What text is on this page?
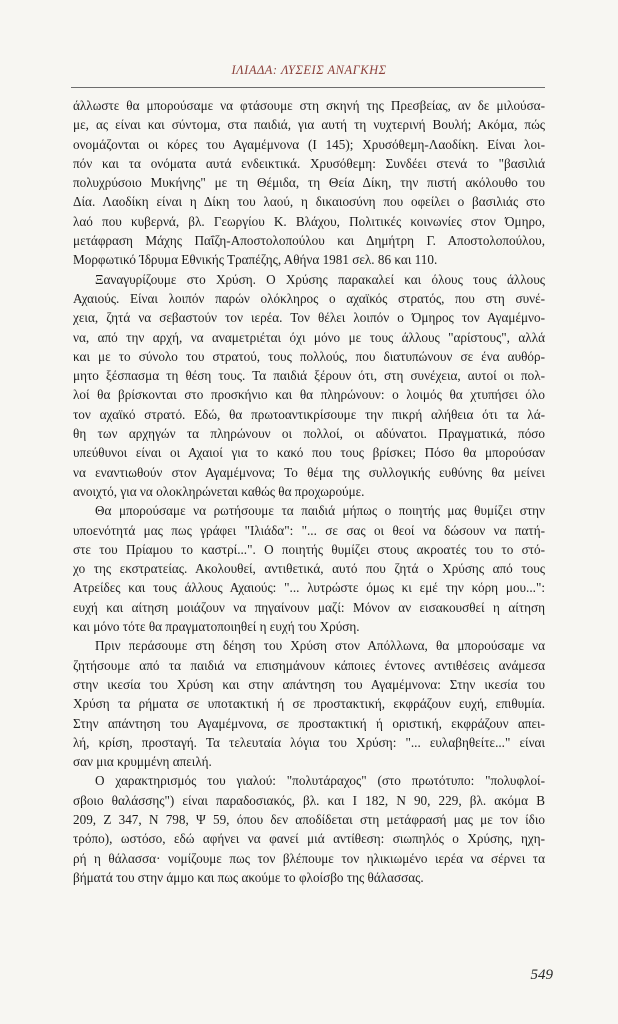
ΙΛΙΑΔΑ: ΛΥΣΕΙΣ ΑΝΑΓΚΗΣ
άλλωστε θα μπορούσαμε να φτάσουμε στη σκηνή της Πρεσβείας, αν δε μιλούσα-
με, ας είναι και σύντομα, στα παιδιά, για αυτή τη νυχτερινή Βουλή; Ακόμα, πώς
ονομάζονται οι κόρες του Αγαμέμνονα (I 145); Χρυσόθεμη-Λαοδίκη. Είναι λοι-
πόν και τα ονόματα αυτά ενδεικτικά. Χρυσόθεμη: Συνδέει στενά το "βασιλιά
πολυχρύσοιο Μυκήνης" με τη Θέμιδα, τη Θεία Δίκη, την πιστή ακόλουθο του
Δία. Λαοδίκη είναι η Δίκη του λαού, η δικαιοσύνη που οφείλει ο βασιλιάς στο
λαό που κυβερνά, βλ. Γεωργίου Κ. Βλάχου, Πολιτικές κοινωνίες στον Όμηρο,
μετάφραση Μάχης Παΐζη-Αποστολοπούλου και Δημήτρη Γ. Αποστολοπούλου,
Μορφωτικό Ίδρυμα Εθνικής Τραπέζης, Αθήνα 1981 σελ. 86 και 110.
Ξαναγυρίζουμε στο Χρύση. Ο Χρύσης παρακαλεί και όλους τους άλλους
Αχαιούς. Είναι λοιπόν παρών ολόκληρος ο αχαϊκός στρατός, που στη συνέ-
χεια, ζητά να σεβαστούν τον ιερέα. Τον θέλει λοιπόν ο Όμηρος τον Αγαμέμνο-
να, από την αρχή, να αναμετριέται όχι μόνο με τους άλλους "αρίστους", αλλά
και με το σύνολο του στρατού, τους πολλούς, που διατυπώνουν σε ένα αυθόρ-
μητο ξέσπασμα τη θέση τους. Τα παιδιά ξέρουν ότι, στη συνέχεια, αυτοί οι πολ-
λοί θα βρίσκονται στο προσκήνιο και θα πληρώνουν: ο λοιμός θα χτυπήσει όλο
τον αχαϊκό στρατό. Εδώ, θα πρωτοαντικρίσουμε την πικρή αλήθεια ότι τα λά-
θη των αρχηγών τα πληρώνουν οι πολλοί, οι αδύνατοι. Πραγματικά, πόσο
υπεύθυνοι είναι οι Αχαιοί για το κακό που τους βρίσκει; Πόσο θα μπορούσαν
να εναντιωθούν στον Αγαμέμνονα; Το θέμα της συλλογικής ευθύνης θα μείνει
ανοιχτό, για να ολοκληρώνεται καθώς θα προχωρούμε.
Θα μπορούσαμε να ρωτήσουμε τα παιδιά μήπως ο ποιητής μας θυμίζει στην
υποενότητά μας πως γράφει "Ιλιάδα": "... σε σας οι θεοί να δώσουν να πατή-
στε του Πρίαμου το καστρί...". Ο ποιητής θυμίζει στους ακροατές του το στό-
χο της εκστρατείας. Ακολουθεί, αντιθετικά, αυτό που ζητά ο Χρύσης από τους
Ατρείδες και τους άλλους Αχαιούς: "... λυτρώστε όμως κι εμέ την κόρη μου...":
ευχή και αίτηση μοιάζουν να πηγαίνουν μαζί: Μόνον αν εισακουσθεί η αίτηση
και μόνο τότε θα πραγματοποιηθεί η ευχή του Χρύση.
Πριν περάσουμε στη δέηση του Χρύση στον Απόλλωνα, θα μπορούσαμε να
ζητήσουμε από τα παιδιά να επισημάνουν κάποιες έντονες αντιθέσεις ανάμεσα
στην ικεσία του Χρύση και στην απάντηση του Αγαμέμνονα: Στην ικεσία του
Χρύση τα ρήματα σε υποτακτική ή σε προστακτική, εκφράζουν ευχή, επιθυμία.
Στην απάντηση του Αγαμέμνονα, σε προστακτική ή οριστική, εκφράζουν απει-
λή, κρίση, προσταγή. Τα τελευταία λόγια του Χρύση: "... ευλαβηθείτε..." είναι
σαν μια κρυμμένη απειλή.
Ο χαρακτηρισμός του γιαλού: "πολυτάραχος" (στο πρωτότυπο: "πολυφλοί-
σβοιο θαλάσσης") είναι παραδοσιακός, βλ. και I 182, N 90, 229, βλ. ακόμα B
209, Z 347, N 798, Ψ 59, όπου δεν αποδίδεται στη μετάφρασή μας με τον ίδιο
τρόπο), ωστόσο, εδώ αφήνει να φανεί μιά αντίθεση: σιωπηλός ο Χρύσης, ηχη-
ρή η θάλασσα· νομίζουμε πως τον βλέπουμε τον ηλικιωμένο ιερέα να σέρνει τα
βήματά του στην άμμο και πως ακούμε το φλοίσβο της θάλασσας.
549
